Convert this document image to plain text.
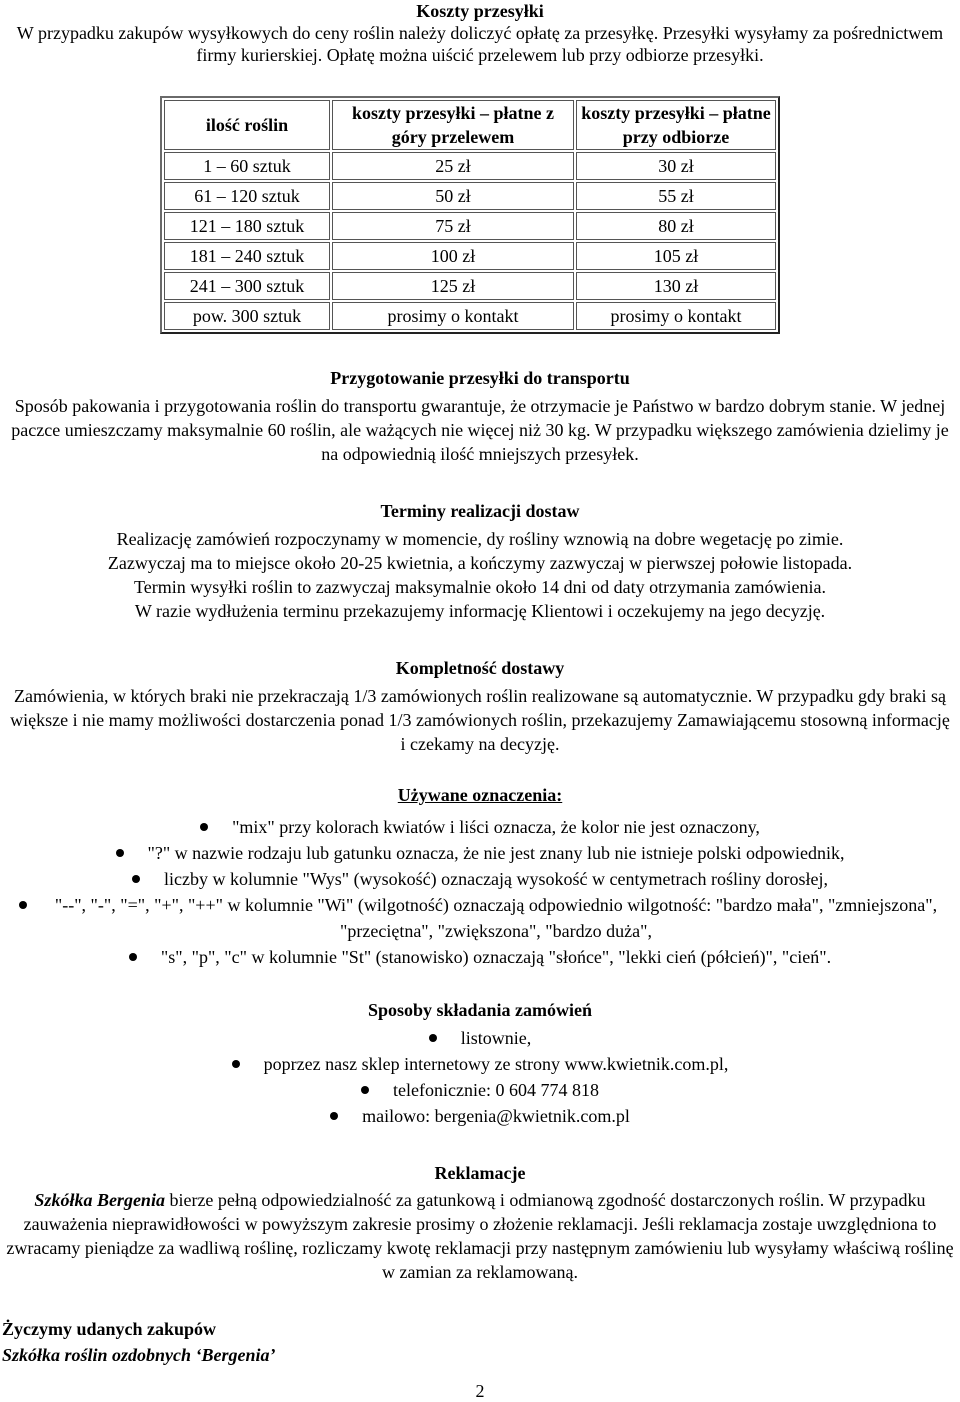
Koszty przesyłki
W przypadku zakupów wysyłkowych do ceny roślin należy doliczyć opłatę za przesyłkę. Przesyłki wysyłamy za pośrednictwem firmy kurierskiej. Opłatę można uiścić przelewem lub przy odbiorze przesyłki.
ilość roślin	koszty przesyłki – płatne z góry przelewem	koszty przesyłki – płatne przy odbiorze
1 – 60 sztuk	25 zł	30 zł
61 – 120 sztuk	50 zł	55 zł
121 – 180 sztuk	75 zł	80 zł
181 – 240 sztuk	100 zł	105 zł
241 – 300 sztuk	125 zł	130 zł
pow. 300 sztuk	prosimy o kontakt	prosimy o kontakt
Przygotowanie przesyłki do transportu
Sposób pakowania i przygotowania roślin do transportu gwarantuje, że otrzymacie je Państwo w bardzo dobrym stanie. W jednej paczce umieszczamy maksymalnie 60 roślin, ale ważących nie więcej niż 30 kg. W przypadku większego zamówienia dzielimy je na odpowiednią ilość mniejszych przesyłek.
Terminy realizacji dostaw
Realizację zamówień rozpoczynamy w momencie, dy rośliny wznowią na dobre wegetację po zimie.
Zazwyczaj ma to miejsce około 20-25 kwietnia, a kończymy zazwyczaj w pierwszej połowie listopada.
Termin wysyłki roślin to zazwyczaj maksymalnie około 14 dni od daty otrzymania zamówienia.
W razie wydłużenia terminu przekazujemy informację Klientowi i oczekujemy na jego decyzję.
Kompletność dostawy
Zamówienia, w których braki nie przekraczają 1/3 zamówionych roślin realizowane są automatycznie. W przypadku gdy braki są większe i nie mamy możliwości dostarczenia ponad 1/3 zamówionych roślin, przekazujemy Zamawiającemu stosowną informację i czekamy na decyzję.
Używane oznaczenia:
"mix" przy kolorach kwiatów i liści oznacza, że kolor nie jest oznaczony,
"?" w nazwie rodzaju lub gatunku oznacza, że nie jest znany lub nie istnieje polski odpowiednik,
liczby w kolumnie "Wys" (wysokość) oznaczają wysokość w centymetrach rośliny dorosłej,
"--", "-", "=", "+", "++" w kolumnie "Wi" (wilgotność) oznaczają odpowiednio wilgotność: "bardzo mała", "zmniejszona", "przeciętna", "zwiększona", "bardzo duża",
"s", "p", "c" w kolumnie "St" (stanowisko) oznaczają "słońce", "lekki cień (półcień)", "cień".
Sposoby składania zamówień
listownie,
poprzez nasz sklep internetowy ze strony www.kwietnik.com.pl,
telefonicznie: 0 604 774 818
mailowo: bergenia@kwietnik.com.pl
Reklamacje
Szkółka Bergenia bierze pełną odpowiedzialność za gatunkową i odmianową zgodność dostarczonych roślin. W przypadku zauważenia nieprawidłowości w powyższym zakresie prosimy o złożenie reklamacji. Jeśli reklamacja zostaje uwzględniona to zwracamy pieniądze za wadliwą roślinę, rozliczamy kwotę reklamacji przy następnym zamówieniu lub wysyłamy właściwą roślinę w zamian za reklamowaną.
Życzymy udanych zakupów
Szkółka roślin ozdobnych ‘Bergenia’
2
